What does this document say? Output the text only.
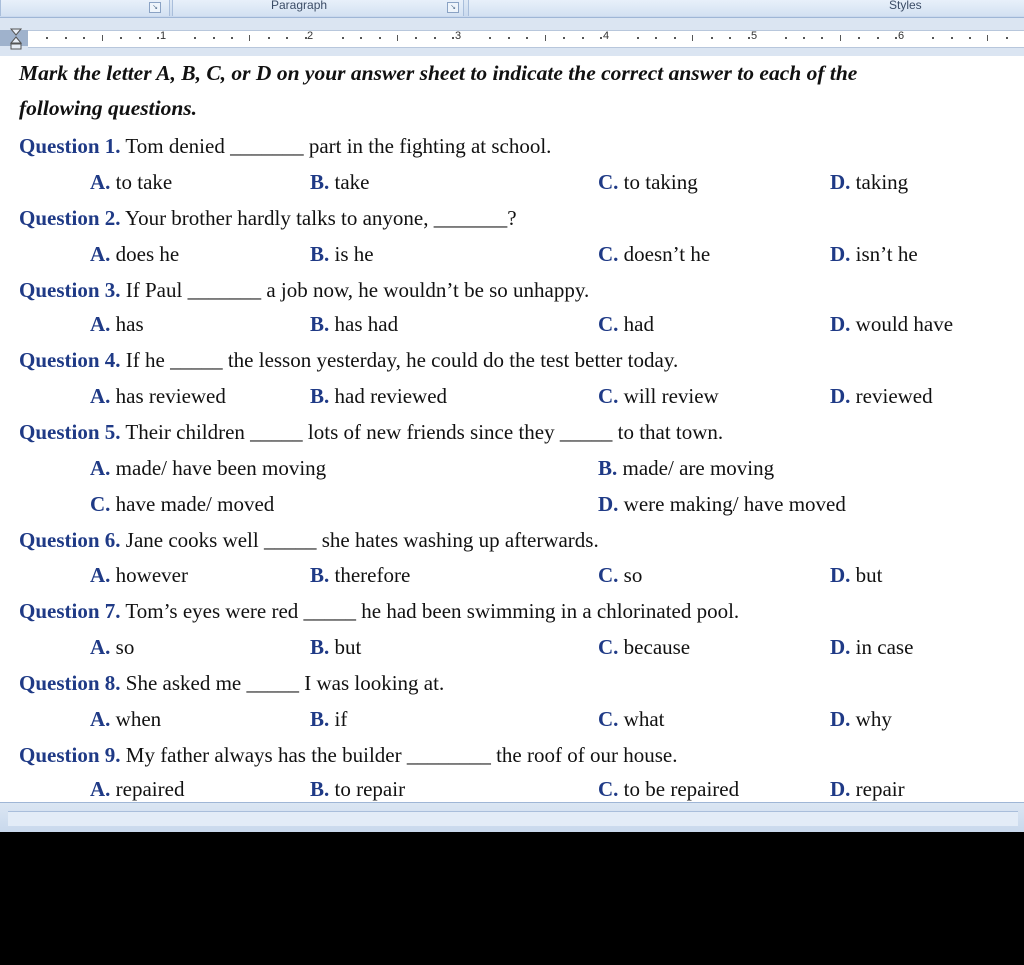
↘	Paragraph	↘	Styles
1	2	3	4	5	6
Mark the letter A, B, C, or D on your answer sheet to indicate the correct answer to each of the
following questions.
Question 1. Tom denied _______ part in the fighting at school.
A. to take	B. take	C. to taking	D. taking
Question 2. Your brother hardly talks to anyone, _______?
A. does he	B. is he	C. doesn’t he	D. isn’t he
Question 3. If Paul _______ a job now, he wouldn’t be so unhappy.
A. has	B. has had	C. had	D. would have
Question 4. If he _____ the lesson yesterday, he could do the test better today.
A. has reviewed	B. had reviewed	C. will review	D. reviewed
Question 5. Their children _____ lots of new friends since they _____ to that town.
A. made/ have been moving	B. made/ are moving
C. have made/ moved	D. were making/ have moved
Question 6. Jane cooks well _____ she hates washing up afterwards.
A. however	B. therefore	C. so	D. but
Question 7. Tom’s eyes were red _____ he had been swimming in a chlorinated pool.
A. so	B. but	C. because	D. in case
Question 8. She asked me _____ I was looking at.
A. when	B. if	C. what	D. why
Question 9. My father always has the builder ________ the roof of our house.
A. repaired	B. to repair	C. to be repaired	D. repair
